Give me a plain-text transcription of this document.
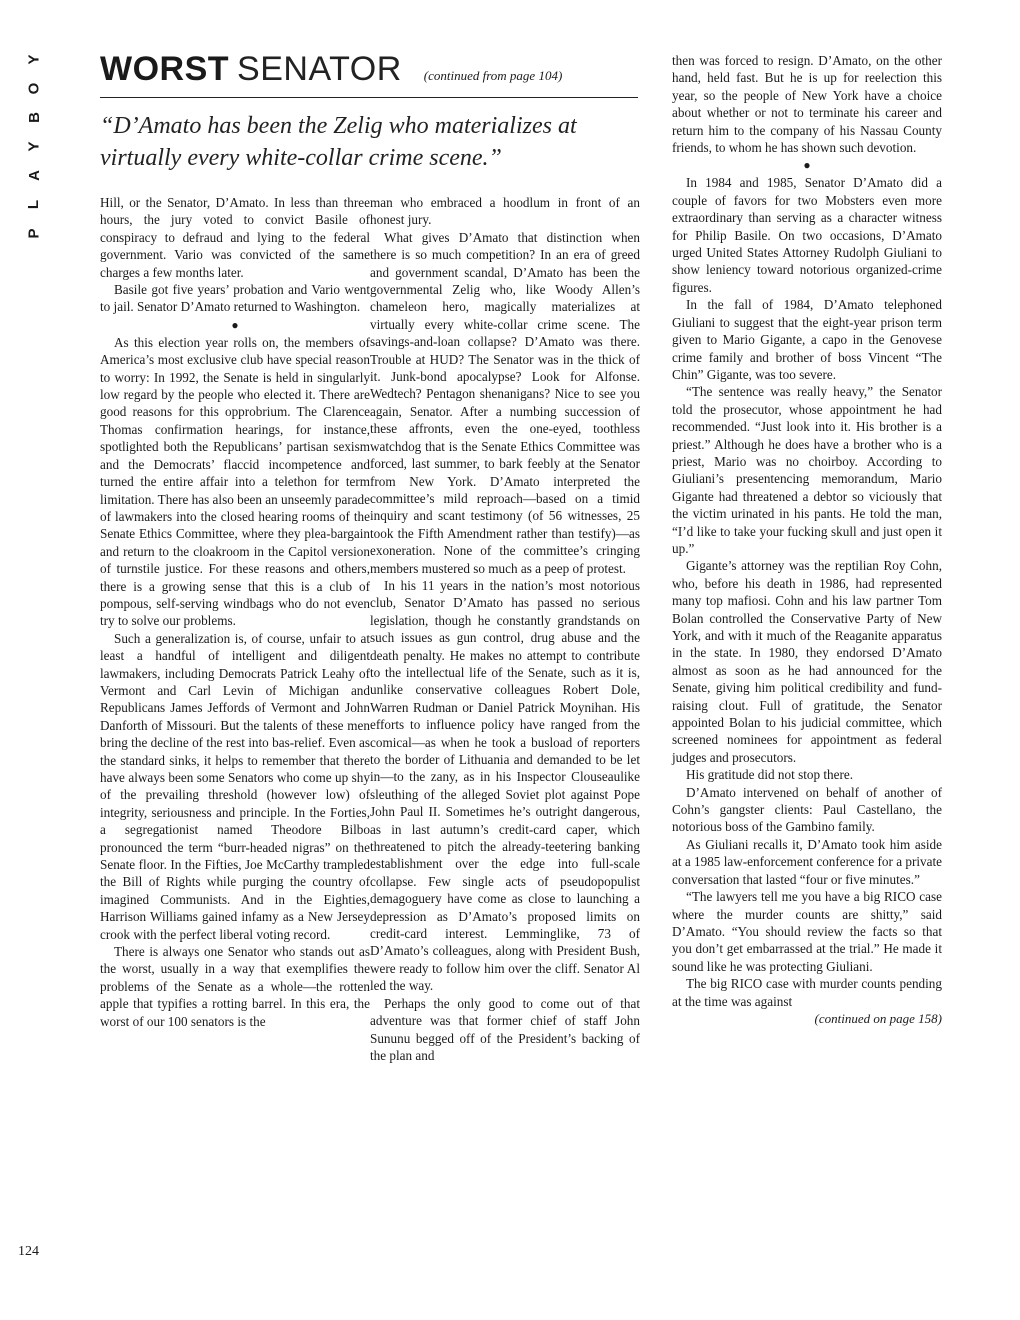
Y
O
B
Y
A
L
P
124
WORST SENATOR (continued from page 104)

“D’Amato has been the Zelig who materializes at virtually every white-collar crime scene.”

Hill, or the Senator, D’Amato. In less than three hours, the jury voted to convict Basile of conspiracy to defraud and lying to the federal government. Vario was convicted of the same charges a few months later.

Basile got five years’ probation and Vario went to jail. Senator D’Amato returned to Washington.

●

As this election year rolls on, the members of America’s most exclusive club have special reason to worry: In 1992, the Senate is held in singularly low regard by the people who elected it. There are good reasons for this opprobrium. The Clarence Thomas confirmation hearings, for instance, spotlighted both the Republicans’ partisan sexism and the Democrats’ flaccid incompetence and turned the entire affair into a telethon for term limitation. There has also been an unseemly parade of lawmakers into the closed hearing rooms of the Senate Ethics Committee, where they plea-bargain and return to the cloakroom in the Capitol version of turnstile justice. For these reasons and others, there is a growing sense that this is a club of pompous, self-serving windbags who do not even try to solve our problems.

Such a generalization is, of course, unfair to at least a handful of intelligent and diligent lawmakers, including Democrats Patrick Leahy of Vermont and Carl Levin of Michigan and Republicans James Jeffords of Vermont and John Danforth of Missouri. But the talents of these men bring the decline of the rest into bas-relief. Even as the standard sinks, it helps to remember that there have always been some Senators who come up shy of the prevailing threshold (however low) of integrity, seriousness and principle. In the Forties, a segregationist named Theodore Bilbo pronounced the term “burr-headed nigras” on the Senate floor. In the Fifties, Joe McCarthy trampled the Bill of Rights while purging the country of imagined Communists. And in the Eighties, Harrison Williams gained infamy as a New Jersey crook with the perfect liberal voting record.

There is always one Senator who stands out as the worst, usually in a way that exemplifies the problems of the Senate as a whole—the rotten apple that typifies a rotting barrel. In this era, the worst of our 100 senators is the

man who embraced a hoodlum in front of an honest jury.

What gives D’Amato that distinction when there is so much competition? In an era of greed and government scandal, D’Amato has been the governmental Zelig who, like Woody Allen’s chameleon hero, magically materializes at virtually every white-collar crime scene. The savings-and-loan collapse? D’Amato was there. Trouble at HUD? The Senator was in the thick of it. Junk-bond apocalypse? Look for Alfonse. Wedtech? Pentagon shenanigans? Nice to see you again, Senator. After a numbing succession of these affronts, even the one-eyed, toothless watchdog that is the Senate Ethics Committee was forced, last summer, to bark feebly at the Senator from New York. D’Amato interpreted the committee’s mild reproach—based on a timid inquiry and scant testimony (of 56 witnesses, 25 took the Fifth Amendment rather than testify)—as exoneration. None of the committee’s cringing members mustered so much as a peep of protest.

In his 11 years in the nation’s most notorious club, Senator D’Amato has passed no serious legislation, though he constantly grandstands on such issues as gun control, drug abuse and the death penalty. He makes no attempt to contribute to the intellectual life of the Senate, such as it is, unlike conservative colleagues Robert Dole, Warren Rudman or Daniel Patrick Moynihan. His efforts to influence policy have ranged from the comical—as when he took a busload of reporters to the border of Lithuania and demanded to be let in—to the zany, as in his Inspector Clouseaulike sleuthing of the alleged Soviet plot against Pope John Paul II. Sometimes he’s outright dangerous, as in last autumn’s credit-card caper, which threatened to pitch the already-teetering banking establishment over the edge into full-scale collapse. Few single acts of pseudopopulist demagoguery have come as close to launching a depression as D’Amato’s proposed limits on credit-card interest. Lemminglike, 73 of D’Amato’s colleagues, along with President Bush, were ready to follow him over the cliff. Senator Al led the way.

Perhaps the only good to come out of that adventure was that former chief of staff John Sununu begged off of the President’s backing of the plan and

then was forced to resign. D’Amato, on the other hand, held fast. But he is up for reelection this year, so the people of New York have a choice about whether or not to terminate his career and return him to the company of his Nassau County friends, to whom he has shown such devotion.

●

In 1984 and 1985, Senator D’Amato did a couple of favors for two Mobsters even more extraordinary than serving as a character witness for Philip Basile. On two occasions, D’Amato urged United States Attorney Rudolph Giuliani to show leniency toward notorious organized-crime figures.

In the fall of 1984, D’Amato telephoned Giuliani to suggest that the eight-year prison term given to Mario Gigante, a capo in the Genovese crime family and brother of boss Vincent “The Chin” Gigante, was too severe.

“The sentence was really heavy,” the Senator told the prosecutor, whose appointment he had recommended. “Just look into it. His brother is a priest.” Although he does have a brother who is a priest, Mario was no choirboy. According to Giuliani’s presentencing memorandum, Mario Gigante had threatened a debtor so viciously that the victim urinated in his pants. He told the man, “I’d like to take your fucking skull and just open it up.”

Gigante’s attorney was the reptilian Roy Cohn, who, before his death in 1986, had represented many top mafiosi. Cohn and his law partner Tom Bolan controlled the Conservative Party of New York, and with it much of the Reaganite apparatus in the state. In 1980, they endorsed D’Amato almost as soon as he had announced for the Senate, giving him political credibility and fund-raising clout. Full of gratitude, the Senator appointed Bolan to his judicial committee, which screened nominees for appointment as federal judges and prosecutors.

His gratitude did not stop there.

D’Amato intervened on behalf of another of Cohn’s gangster clients: Paul Castellano, the notorious boss of the Gambino family.

As Giuliani recalls it, D’Amato took him aside at a 1985 law-enforcement conference for a private conversation that lasted “four or five minutes.”

“The lawyers tell me you have a big RICO case where the murder counts are shitty,” said D’Amato. “You should review the facts so that you don’t get embarrassed at the trial.” He made it sound like he was protecting Giuliani.

The big RICO case with murder counts pending at the time was against

(continued on page 158)
